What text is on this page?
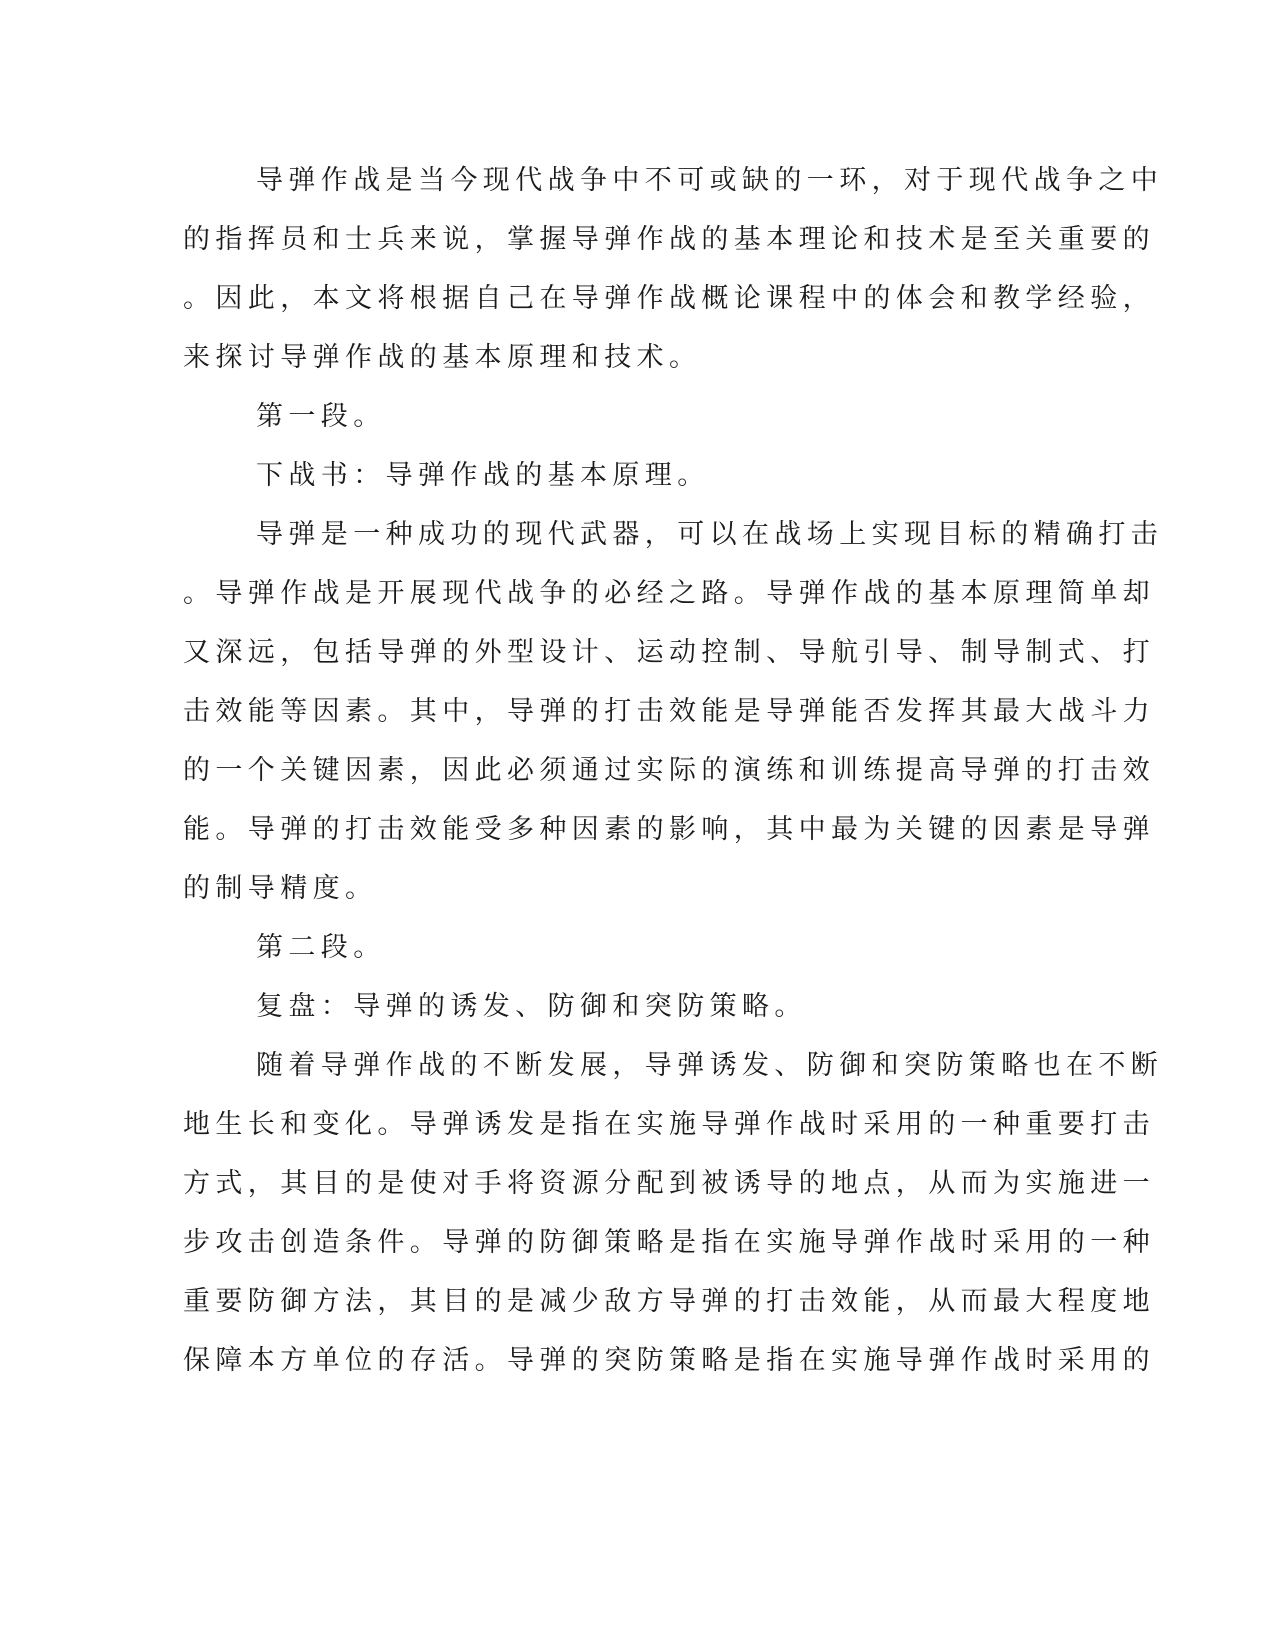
导弹作战是当今现代战争中不可或缺的一环，对于现代战争之中

的指挥员和士兵来说，掌握导弹作战的基本理论和技术是至关重要的

。因此，本文将根据自己在导弹作战概论课程中的体会和教学经验，

来探讨导弹作战的基本原理和技术。

第一段。

下战书：导弹作战的基本原理。

导弹是一种成功的现代武器，可以在战场上实现目标的精确打击

。导弹作战是开展现代战争的必经之路。导弹作战的基本原理简单却

又深远，包括导弹的外型设计、运动控制、导航引导、制导制式、打

击效能等因素。其中，导弹的打击效能是导弹能否发挥其最大战斗力

的一个关键因素，因此必须通过实际的演练和训练提高导弹的打击效

能。导弹的打击效能受多种因素的影响，其中最为关键的因素是导弹

的制导精度。

第二段。

复盘：导弹的诱发、防御和突防策略。

随着导弹作战的不断发展，导弹诱发、防御和突防策略也在不断

地生长和变化。导弹诱发是指在实施导弹作战时采用的一种重要打击

方式，其目的是使对手将资源分配到被诱导的地点，从而为实施进一

步攻击创造条件。导弹的防御策略是指在实施导弹作战时采用的一种

重要防御方法，其目的是减少敌方导弹的打击效能，从而最大程度地

保障本方单位的存活。导弹的突防策略是指在实施导弹作战时采用的
